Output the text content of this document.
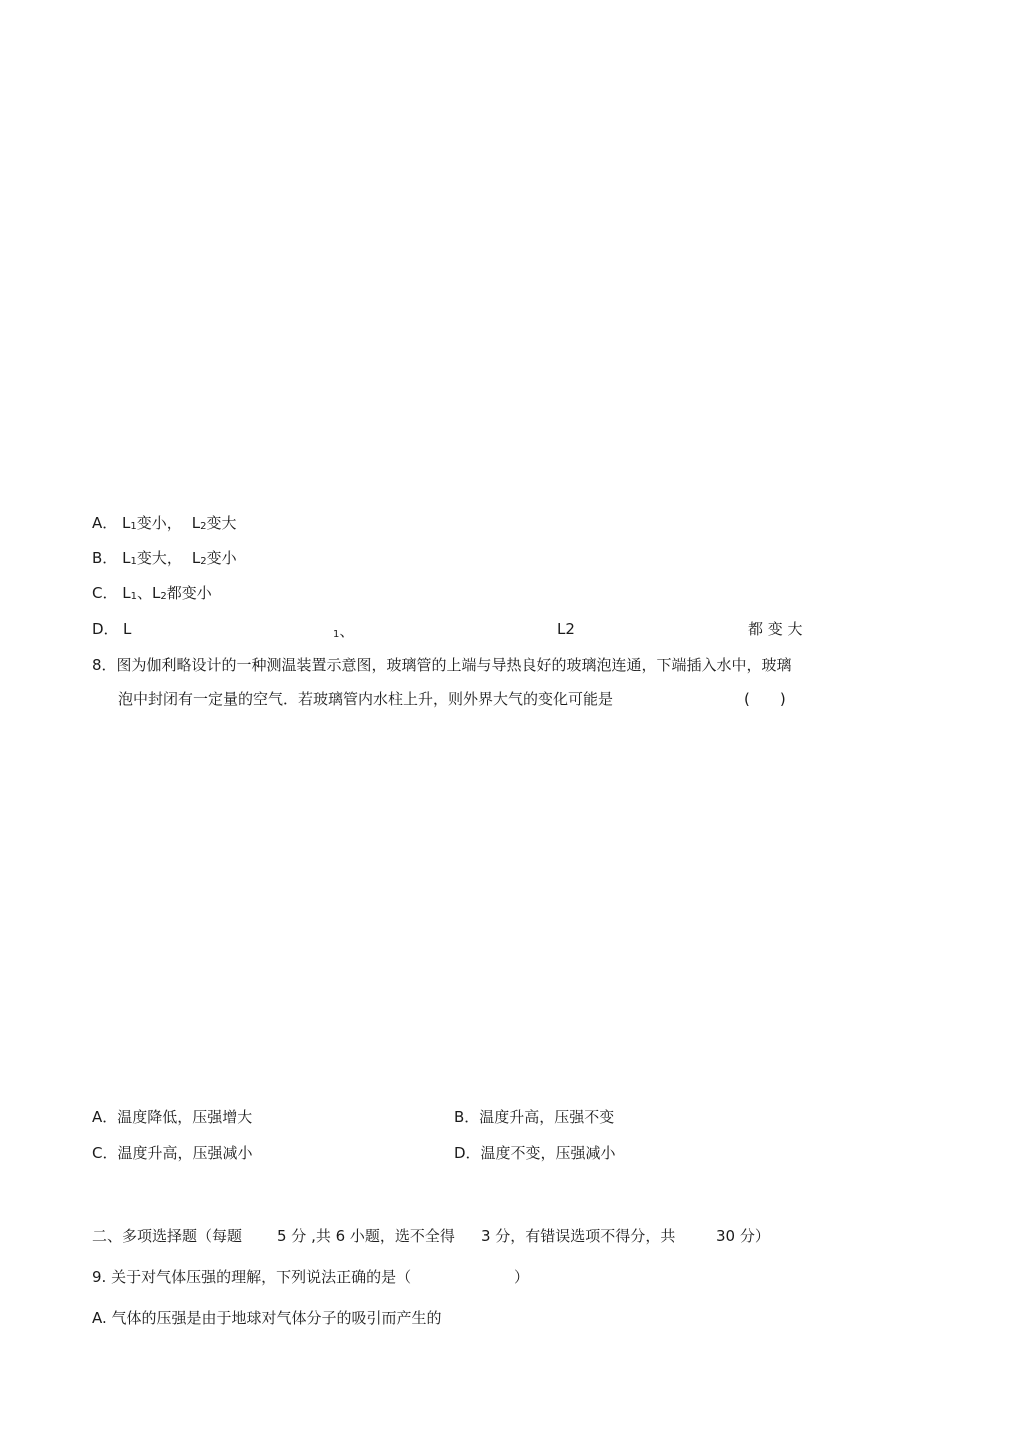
A． L1变小， L2变大
B． L1变大， L2变小
C． L1、L2都变小
D． L	1、	L2	都 变 大
8．图为伽利略设计的一种测温装置示意图，玻璃管的上端与导热良好的玻璃泡连通，下端插入水中，玻璃
泡中封闭有一定量的空气．若玻璃管内水柱上升，则外界大气的变化可能是	(　　)
A．温度降低，压强增大	B．温度升高，压强不变
C．温度升高，压强减小	D．温度不变，压强减小
二、多项选择题（每题 5 分 ,共 6 小题，选不全得 3 分，有错误选项不得分，共	30 分）
9. 关于对气体压强的理解，下列说法正确的是（	）
A. 气体的压强是由于地球对气体分子的吸引而产生的
